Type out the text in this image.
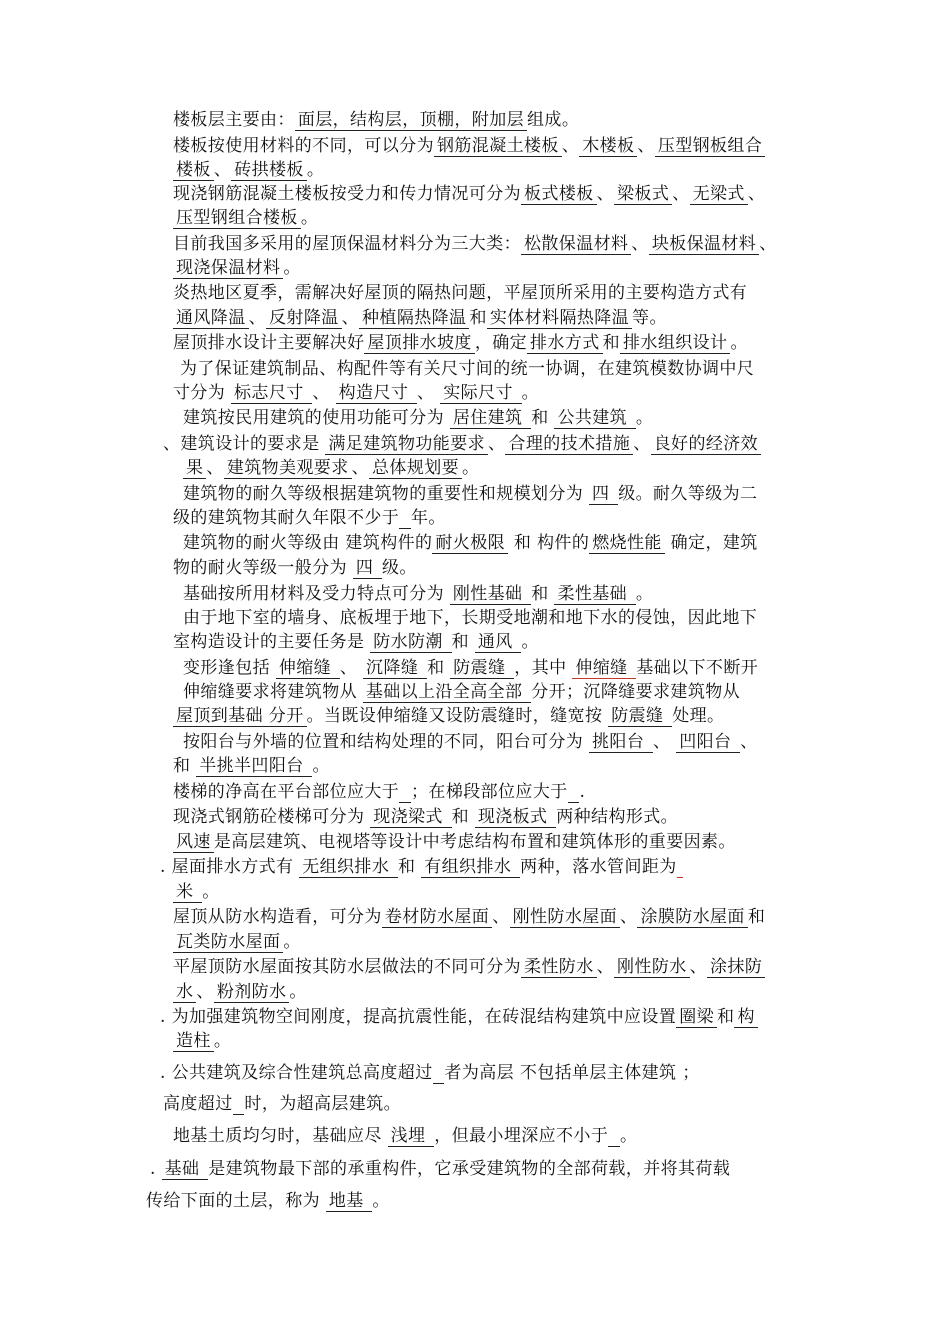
楼板层主要由： 面层，结构层，顶棚，附加层 组成。
楼板按使用材料的不同，可以分为 钢筋混凝土楼板 、 木楼板 、 压型钢板组合
楼板 、 砖拱楼板 。
现浇钢筋混凝土楼板按受力和传力情况可分为 板式楼板 、 梁板式 、 无梁式 、
压型钢组合楼板 。
目前我国多采用的屋顶保温材料分为三大类： 松散保温材料 、 块板保温材料 、
现浇保温材料 。
炎热地区夏季，需解决好屋顶的隔热问题，平屋顶所采用的主要构造方式有
通风降温 、 反射降温 、 种植隔热降温 和 实体材料隔热降温 等。
屋顶排水设计主要解决好 屋顶排水坡度 ，确定 排水方式 和 排水组织设计 。
为了保证建筑制品、构配件等有关尺寸间的统一协调，在建筑模数协调中尺
寸分为 标志尺寸 、 构造尺寸 、 实际尺寸 。
建筑按民用建筑的使用功能可分为 居住建筑 和 公共建筑 。
、建筑设计的要求是 满足建筑物功能要求 、 合理的技术措施 、 良好的经济效
果 、 建筑物美观要求 、 总体规划要 。
建筑物的耐久等级根据建筑物的重要性和规模划分为 四 级。耐久等级为二
级的建筑物其耐久年限不少于 年。
建筑物的耐火等级由 建筑构件的 耐火极限 和 构件的 燃烧性能 确定，建筑
物的耐火等级一般分为 四 级。
基础按所用材料及受力特点可分为 刚性基础 和 柔性基础 。
由于地下室的墙身、底板埋于地下，长期受地潮和地下水的侵蚀，因此地下
室构造设计的主要任务是 防水防潮 和 通风 。
变形逢包括 伸缩缝 、 沉降缝 和 防震缝 ，其中 伸缩缝 基础以下不断开
伸缩缝要求将建筑物从 基础以上沿全高全部 分开；沉降缝要求建筑物从
屋顶到基础 分开 。当既设伸缩缝又设防震缝时，缝宽按 防震缝 处理。
按阳台与外墙的位置和结构处理的不同，阳台可分为 挑阳台 、 凹阳台 、
和 半挑半凹阳台 。
楼梯的净高在平台部位应大于 ；在梯段部位应大于 .
现浇式钢筋砼楼梯可分为 现浇梁式 和 现浇板式 两种结构形式。
风速 是高层建筑、电视塔等设计中考虑结构布置和建筑体形的重要因素。
. 屋面排水方式有 无组织排水 和 有组织排水 两种，落水管间距为
米 。
屋顶从防水构造看，可分为 卷材防水屋面 、 刚性防水屋面 、 涂膜防水屋面 和
瓦类防水屋面 。
平屋顶防水屋面按其防水层做法的不同可分为 柔性防水 、 刚性防水 、 涂抹防
水 、 粉剂防水 。
. 为加强建筑物空间刚度，提高抗震性能，在砖混结构建筑中应设置 圈梁 和 构
造柱 。
. 公共建筑及综合性建筑总高度超过 者为高层 不包括单层主体建筑 ；
高度超过 时，为超高层建筑。
地基土质均匀时，基础应尽 浅埋 ，但最小埋深应不小于 。
. 基础 是建筑物最下部的承重构件，它承受建筑物的全部荷载，并将其荷载
传给下面的土层，称为 地基 。
